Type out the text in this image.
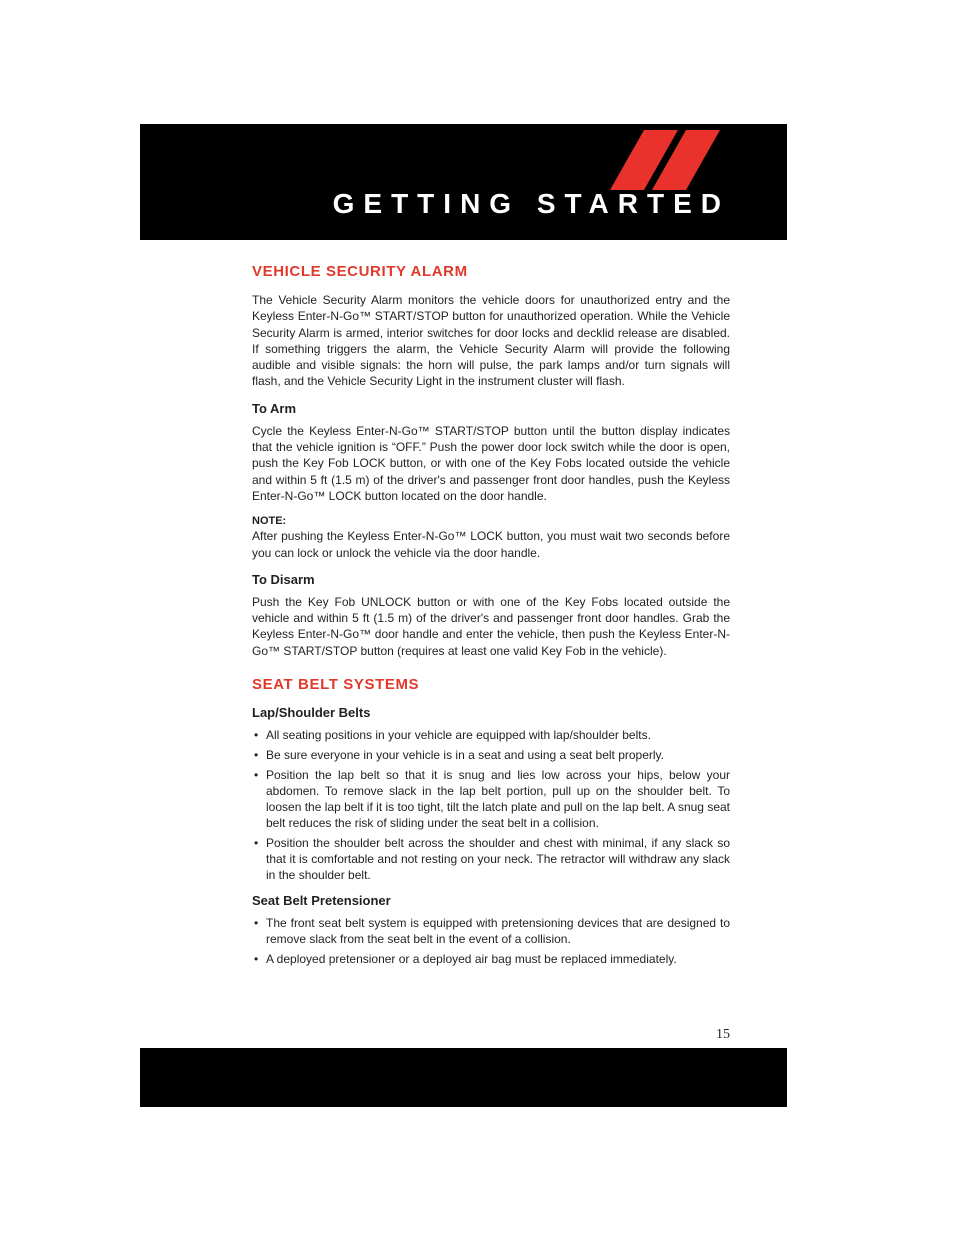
GETTING STARTED
VEHICLE SECURITY ALARM

The Vehicle Security Alarm monitors the vehicle doors for unauthorized entry and the Keyless Enter-N-Go™ START/STOP button for unauthorized operation. While the Vehicle Security Alarm is armed, interior switches for door locks and decklid release are disabled. If something triggers the alarm, the Vehicle Security Alarm will provide the following audible and visible signals: the horn will pulse, the park lamps and/or turn signals will flash, and the Vehicle Security Light in the instrument cluster will flash.

To Arm

Cycle the Keyless Enter-N-Go™ START/STOP button until the button display indicates that the vehicle ignition is “OFF.” Push the power door lock switch while the door is open, push the Key Fob LOCK button, or with one of the Key Fobs located outside the vehicle and within 5 ft (1.5 m) of the driver's and passenger front door handles, push the Keyless Enter-N-Go™ LOCK button located on the door handle.

NOTE:

After pushing the Keyless Enter-N-Go™ LOCK button, you must wait two seconds before you can lock or unlock the vehicle via the door handle.

To Disarm

Push the Key Fob UNLOCK button or with one of the Key Fobs located outside the vehicle and within 5 ft (1.5 m) of the driver's and passenger front door handles. Grab the Keyless Enter-N-Go™ door handle and enter the vehicle, then push the Keyless Enter-N-Go™ START/STOP button (requires at least one valid Key Fob in the vehicle).

SEAT BELT SYSTEMS
Lap/Shoulder Belts
• All seating positions in your vehicle are equipped with lap/shoulder belts.
• Be sure everyone in your vehicle is in a seat and using a seat belt properly.
• Position the lap belt so that it is snug and lies low across your hips, below your abdomen. To remove slack in the lap belt portion, pull up on the shoulder belt. To loosen the lap belt if it is too tight, tilt the latch plate and pull on the lap belt. A snug seat belt reduces the risk of sliding under the seat belt in a collision.
• Position the shoulder belt across the shoulder and chest with minimal, if any slack so that it is comfortable and not resting on your neck. The retractor will withdraw any slack in the shoulder belt.
Seat Belt Pretensioner
• The front seat belt system is equipped with pretensioning devices that are designed to remove slack from the seat belt in the event of a collision.
• A deployed pretensioner or a deployed air bag must be replaced immediately.
15
